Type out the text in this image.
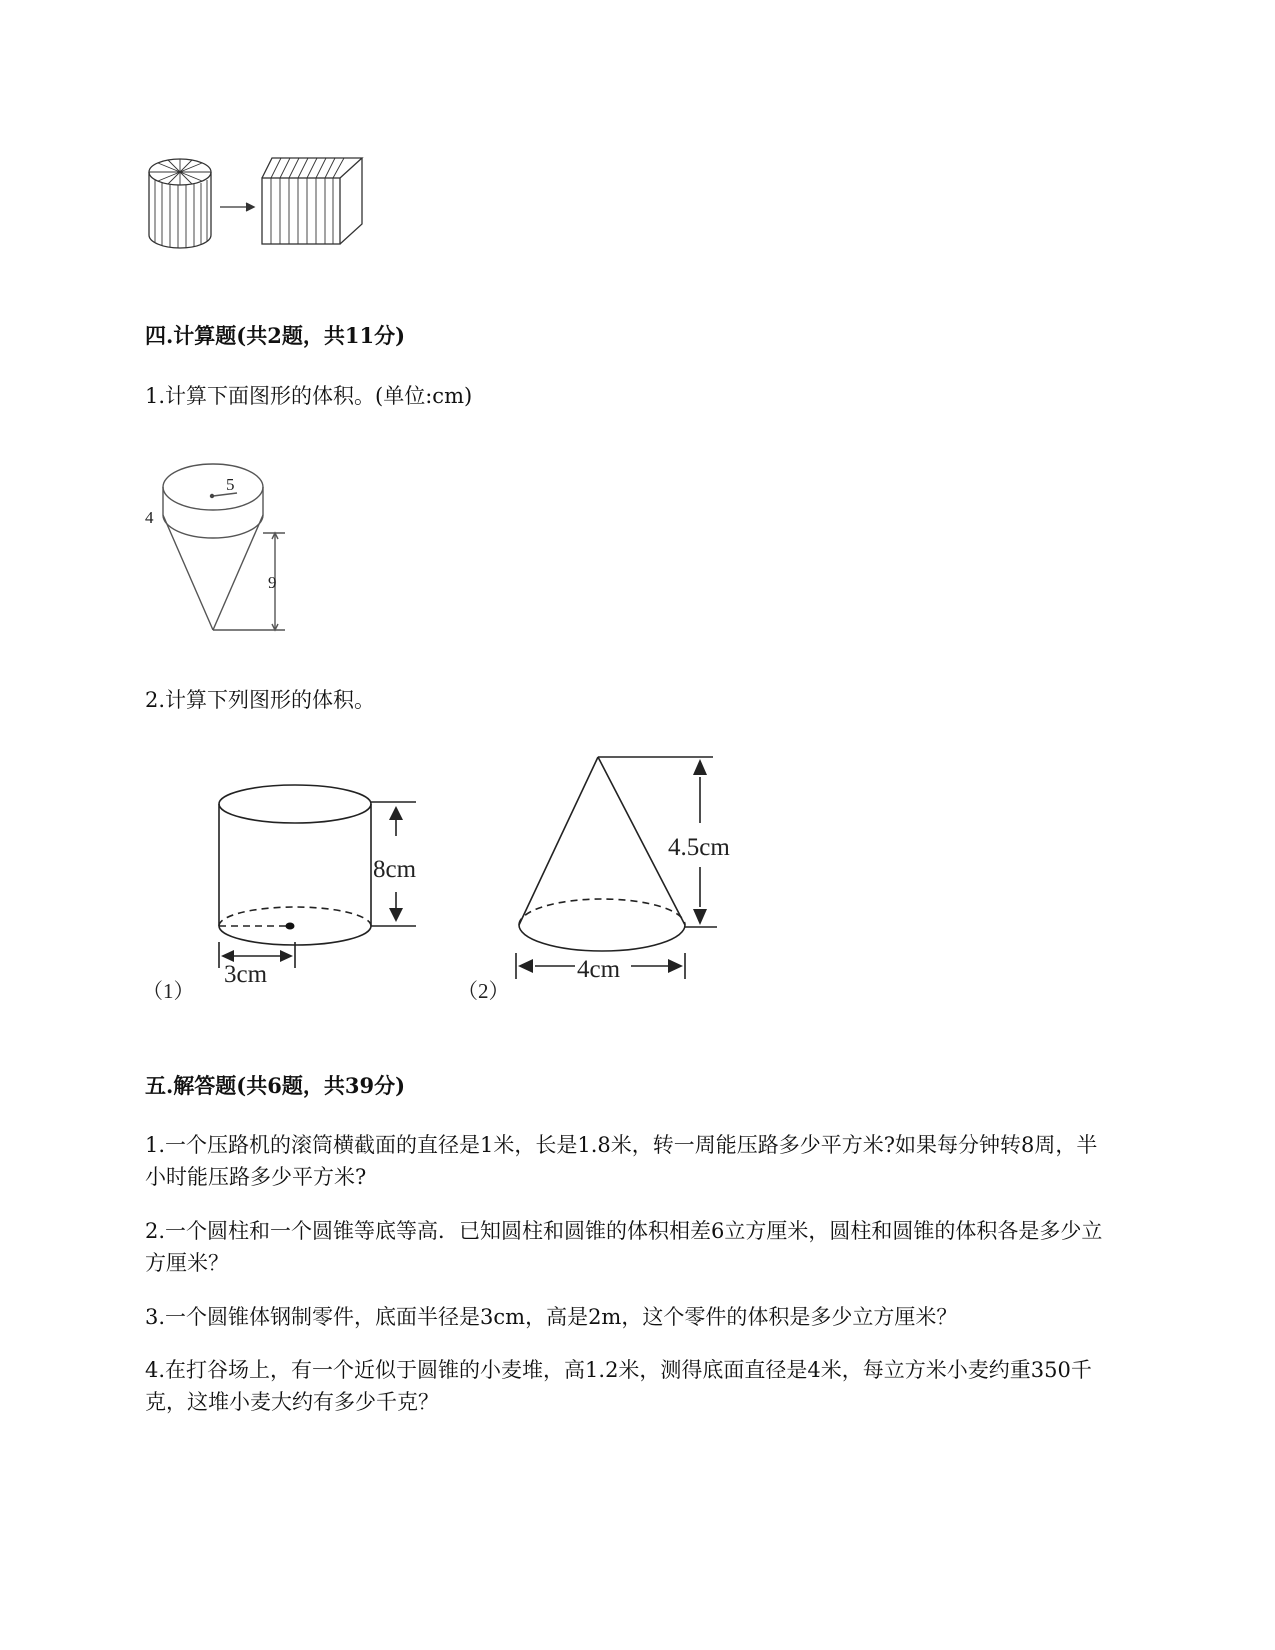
四.计算题(共2题，共11分)
1.计算下面图形的体积。(单位:cm)
5
4
9
2.计算下列图形的体积。
8cm
3cm
（1）
4.5cm
4cm
（2）
五.解答题(共6题，共39分)
1.一个压路机的滚筒横截面的直径是1米，长是1.8米，转一周能压路多少平方米?如果每分钟转8周，半小时能压路多少平方米?
2.一个圆柱和一个圆锥等底等高．已知圆柱和圆锥的体积相差6立方厘米，圆柱和圆锥的体积各是多少立方厘米？
3.一个圆锥体钢制零件，底面半径是3cm，高是2m，这个零件的体积是多少立方厘米？
4.在打谷场上，有一个近似于圆锥的小麦堆，高1.2米，测得底面直径是4米，每立方米小麦约重350千克，这堆小麦大约有多少千克？
